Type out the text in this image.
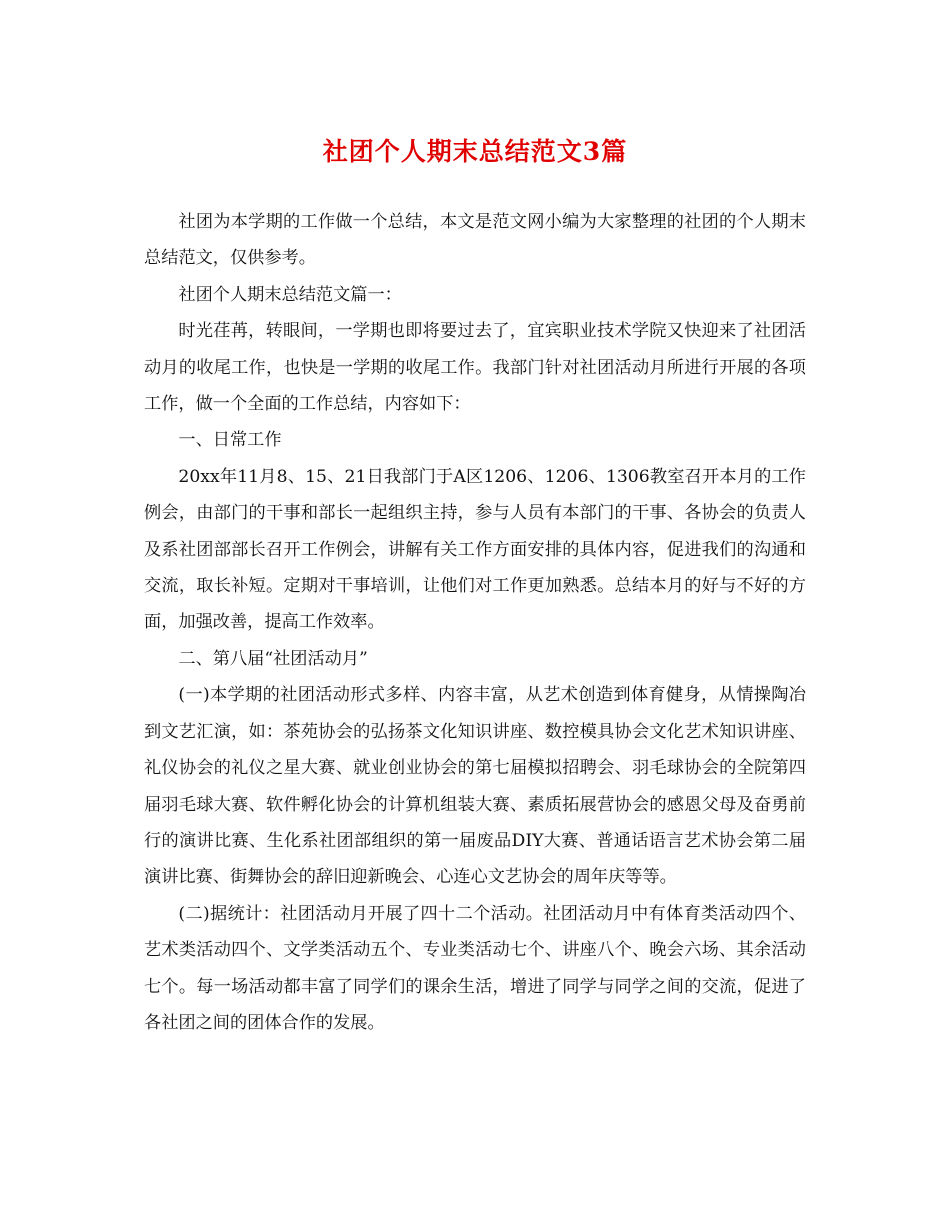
社团个人期末总结范文3篇

社团为本学期的工作做一个总结，本文是范文网小编为大家整理的社团的个人期末总结范文，仅供参考。

社团个人期末总结范文篇一：

时光荏苒，转眼间，一学期也即将要过去了，宜宾职业技术学院又快迎来了社团活动月的收尾工作，也快是一学期的收尾工作。我部门针对社团活动月所进行开展的各项工作，做一个全面的工作总结，内容如下：

一、日常工作

20xx年11月8、15、21日我部门于A区1206、1206、1306教室召开本月的工作例会，由部门的干事和部长一起组织主持，参与人员有本部门的干事、各协会的负责人及系社团部部长召开工作例会，讲解有关工作方面安排的具体内容，促进我们的沟通和交流，取长补短。定期对干事培训，让他们对工作更加熟悉。总结本月的好与不好的方面，加强改善，提高工作效率。

二、第八届“社团活动月”

(一)本学期的社团活动形式多样、内容丰富，从艺术创造到体育健身，从情操陶冶到文艺汇演，如：茶苑协会的弘扬茶文化知识讲座、数控模具协会文化艺术知识讲座、礼仪协会的礼仪之星大赛、就业创业协会的第七届模拟招聘会、羽毛球协会的全院第四届羽毛球大赛、软件孵化协会的计算机组装大赛、素质拓展营协会的感恩父母及奋勇前行的演讲比赛、生化系社团部组织的第一届废品DIY大赛、普通话语言艺术协会第二届演讲比赛、街舞协会的辞旧迎新晚会、心连心文艺协会的周年庆等等。

(二)据统计：社团活动月开展了四十二个活动。社团活动月中有体育类活动四个、艺术类活动四个、文学类活动五个、专业类活动七个、讲座八个、晚会六场、其余活动七个。每一场活动都丰富了同学们的课余生活，增进了同学与同学之间的交流，促进了各社团之间的团体合作的发展。
